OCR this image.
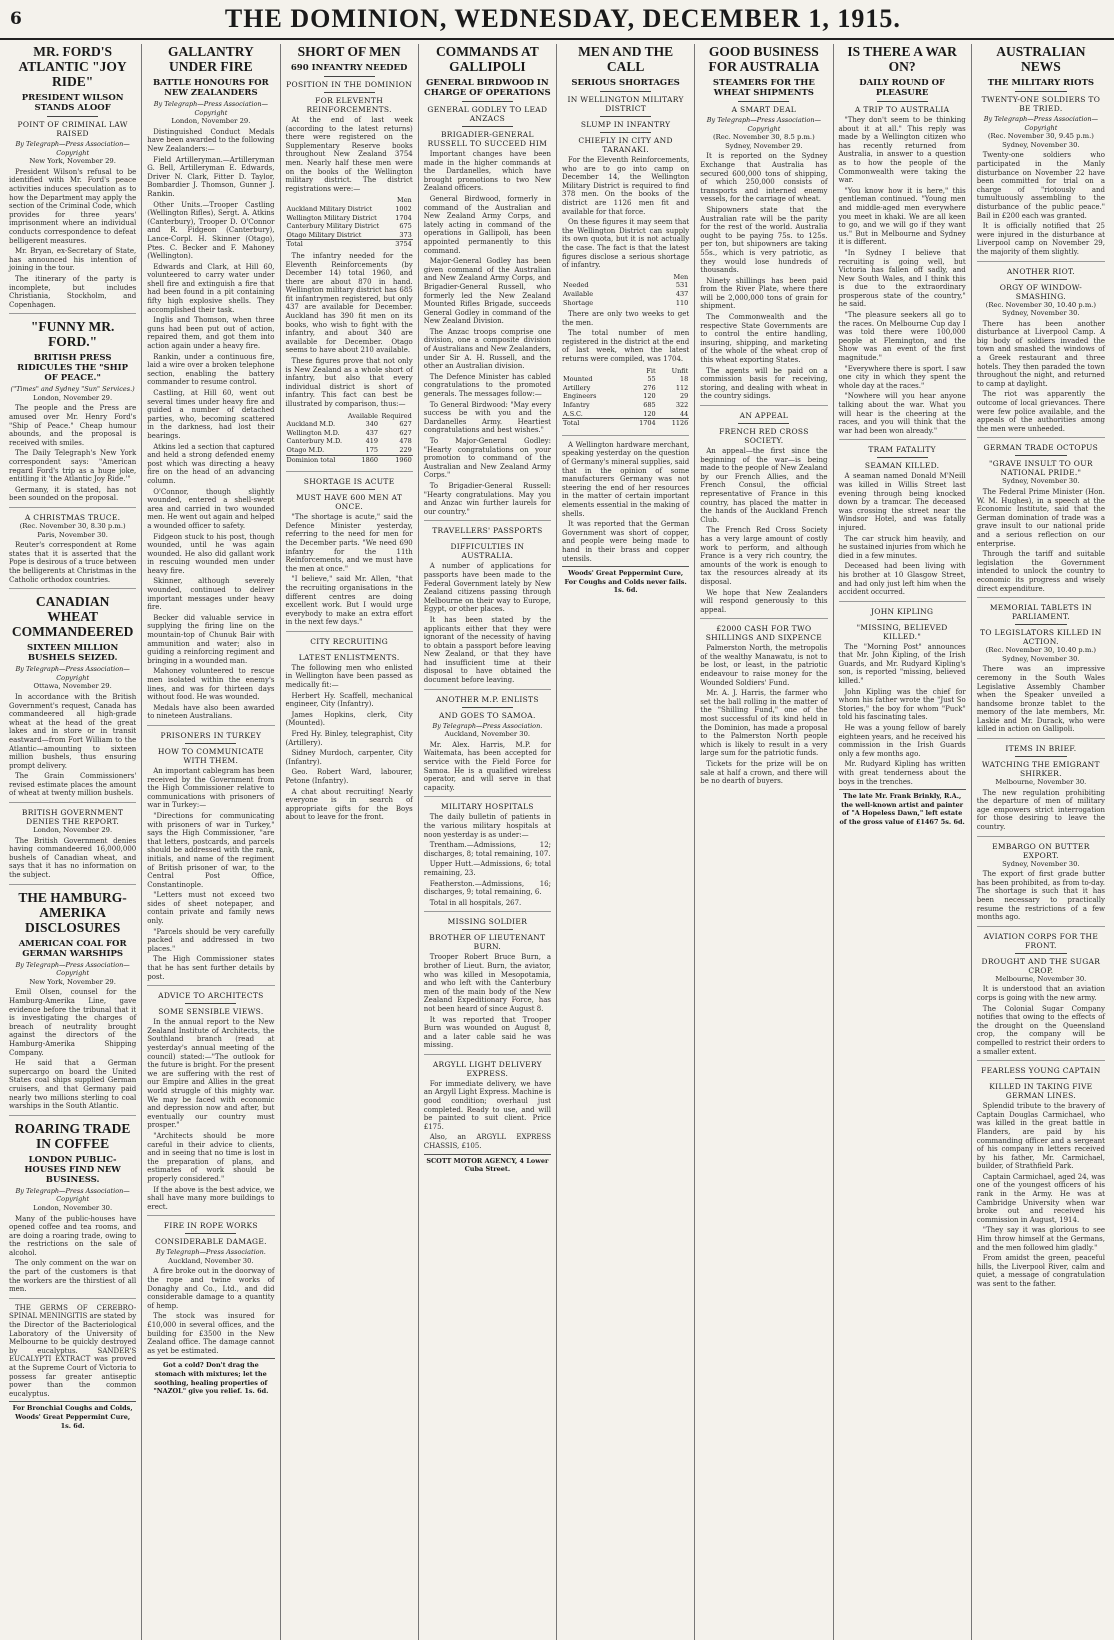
6	THE DOMINION, WEDNESDAY, DECEMBER 1, 1915.
MR. FORD'S ATLANTIC "JOY RIDE"
PRESIDENT WILSON STANDS ALOOF
POINT OF CRIMINAL LAW RAISED
By Telegraph—Press Association—Copyright
New York, November 29.

President Wilson's refusal to be identified with Mr. Ford's peace activities induces speculation as to how the Department may apply the section of the Criminal Code, which provides for three years' imprisonment where an individual conducts correspondence to defeat belligerent measures.

Mr. Bryan, ex-Secretary of State, has announced his intention of joining in the tour.

The itinerary of the party is incomplete, but includes Christiania, Stockholm, and Copenhagen.

"FUNNY MR. FORD."
BRITISH PRESS RIDICULES THE "SHIP OF PEACE."
("Times" and Sydney "Sun" Services.)
London, November 29.

The people and the Press are amused over Mr. Henry Ford's "Ship of Peace." Cheap humour abounds, and the proposal is received with smiles.

The Daily Telegraph's New York correspondent says: "American regard Ford's trip as a huge joke, entitling it 'the Atlantic Joy Ride.'"

Germany, it is stated, has not been sounded on the proposal.

A CHRISTMAS TRUCE.
(Rec. November 30, 8.30 p.m.) Paris, November 30.

Reuter's correspondent at Rome states that it is asserted that the Pope is desirous of a truce between the belligerents at Christmas in the Catholic orthodox countries.

CANADIAN WHEAT COMMANDEERED
SIXTEEN MILLION BUSHELS SEIZED.
By Telegraph—Press Association—Copyright
Ottawa, November 29.

In accordance with the British Government's request, Canada has commandeered all high-grade wheat at the head of the great lakes and in store or in transit eastward—from Fort William to the Atlantic—amounting to sixteen million bushels, thus ensuring prompt delivery.

The Grain Commissioners' revised estimate places the amount of wheat at twenty million bushels.

BRITISH GOVERNMENT DENIES THE REPORT.
London, November 29.

The British Government denies having commandeered 16,000,000 bushels of Canadian wheat, and says that it has no information on the subject.

THE HAMBURG-AMERIKA DISCLOSURES
AMERICAN COAL FOR GERMAN WARSHIPS
By Telegraph—Press Association—Copyright
New York, November 29.

Emil Olsen, counsel for the Hamburg-Amerika Line, gave evidence before the tribunal that it is investigating the charges of breach of neutrality brought against the directors of the Hamburg-Amerika Shipping Company.

He said that a German supercargo on board the United States coal ships supplied German cruisers, and that Germany paid nearly two millions sterling to coal warships in the South Atlantic.

ROARING TRADE IN COFFEE
LONDON PUBLIC-HOUSES FIND NEW BUSINESS.
By Telegraph—Press Association—Copyright
London, November 30.

Many of the public-houses have opened coffee and tea rooms, and are doing a roaring trade, owing to the restrictions on the sale of alcohol.

The only comment on the war on the part of the customers is that the workers are the thirstiest of all men.

THE GERMS OF CEREBRO-SPINAL MENINGITIS are stated by the Director of the Bacteriological Laboratory of the University of Melbourne to be quickly destroyed by eucalyptus. SANDER'S EUCALYPTI EXTRACT was proved at the Supreme Court of Victoria to possess far greater antiseptic power than the common eucalyptus.

For Bronchial Coughs and Colds, Woods' Great Peppermint Cure, 1s. 6d.
GALLANTRY UNDER FIRE
BATTLE HONOURS FOR NEW ZEALANDERS
By Telegraph—Press Association—Copyright
London, November 29.

Distinguished Conduct Medals have been awarded to the following New Zealanders:—

Field Artilleryman.—Artilleryman G. Bell, Artilleryman E. Edwards, Driver N. Clark, Fitter D. Taylor, Bombardier J. Thomson, Gunner J. Rankin.

Other Units.—Trooper Castling (Wellington Rifles), Sergt. A. Atkins (Canterbury), Trooper D. O'Connor and R. Fidgeon (Canterbury), Lance-Corpl. H. Skinner (Otago), Ptes. C. Becker and F. Mahoney (Wellington).

Edwards and Clark, at Hill 60, volunteered to carry water under shell fire and extinguish a fire that had been found in a pit containing fifty high explosive shells. They accomplished their task.

Inglis and Thomson, when three guns had been put out of action, repaired them, and got them into action again under a heavy fire.

Rankin, under a continuous fire, laid a wire over a broken telephone section, enabling the battery commander to resume control.

Castling, at Hill 60, went out several times under heavy fire and guided a number of detached parties, who, becoming scattered in the darkness, had lost their bearings.

Atkins led a section that captured and held a strong defended enemy post which was directing a heavy fire on the head of an advancing column.

O'Connor, though slightly wounded, entered a shell-swept area and carried in two wounded men. He went out again and helped a wounded officer to safety.

Fidgeon stuck to his post, though wounded, until he was again wounded. He also did gallant work in rescuing wounded men under heavy fire.

Skinner, although severely wounded, continued to deliver important messages under heavy fire.

Becker did valuable service in supplying the firing line on the mountain-top of Chunuk Bair with ammunition and water; also in guiding a reinforcing regiment and bringing in a wounded man.

Mahoney volunteered to rescue men isolated within the enemy's lines, and was for thirteen days without food. He was wounded.

Medals have also been awarded to nineteen Australians.

PRISONERS IN TURKEY
HOW TO COMMUNICATE WITH THEM.

An important cablegram has been received by the Government from the High Commissioner relative to communications with prisoners of war in Turkey:—

"Directions for communicating with prisoners of war in Turkey," says the High Commissioner, "are that letters, postcards, and parcels should be addressed with the rank, initials, and name of the regiment of British prisoner of war, to the Central Post Office, Constantinople.

"Letters must not exceed two sides of sheet notepaper, and contain private and family news only.

"Parcels should be very carefully packed and addressed in two places."

The High Commissioner states that he has sent further details by post.

ADVICE TO ARCHITECTS
SOME SENSIBLE VIEWS.

In the annual report to the New Zealand Institute of Architects, the Southland branch (read at yesterday's annual meeting of the council) stated:—"The outlook for the future is bright. For the present we are suffering with the rest of our Empire and Allies in the great world struggle of this mighty war. We may be faced with economic and depression now and after, but eventually our country must prosper."

"Architects should be more careful in their advice to clients, and in seeing that no time is lost in the preparation of plans, and estimates of work should be properly considered."

If the above is the best advice, we shall have many more buildings to erect.

FIRE IN ROPE WORKS
CONSIDERABLE DAMAGE.
By Telegraph—Press Association.
Auckland, November 30.

A fire broke out in the doorway of the rope and twine works of Donaghy and Co., Ltd., and did considerable damage to a quantity of hemp.

The stock was insured for £10,000 in several offices, and the building for £3500 in the New Zealand office. The damage cannot as yet be estimated.

Got a cold? Don't drag the stomach with mixtures; let the soothing, healing properties of "NAZOL" give you relief. 1s. 6d.
SHORT OF MEN
690 INFANTRY NEEDED
POSITION IN THE DOMINION
FOR ELEVENTH REINFORCEMENTS.

At the end of last week (according to the latest returns) there were registered on the Supplementary Reserve books throughout New Zealand 3754 men. Nearly half these men were on the books of the Wellington military district. The district registrations were:—

	Men
Auckland Military District	1002
Wellington Military District	1704
Canterbury Military District	675
Otago Military District	373
Total	3754

The infantry needed for the Eleventh Reinforcements (by December 14) total 1960, and there are about 870 in hand. Wellington military district has 685 fit infantrymen registered, but only 437 are available for December. Auckland has 390 fit men on its books, who wish to fight with the infantry, and about 340 are available for December. Otago seems to have about 210 available.

These figures prove that not only is New Zealand as a whole short of infantry, but also that every individual district is short of infantry. This fact can best be illustrated by comparison, thus:—

	Available	Required
Auckland M.D.	340	627
Wellington M.D.	437	627
Canterbury M.D.	419	478
Otago M.D.	175	229
Dominion total	1860	1960
SHORTAGE IS ACUTE
MUST HAVE 600 MEN AT ONCE.

"The shortage is acute," said the Defence Minister yesterday, referring to the need for men for the December parts. "We need 690 infantry for the 11th Reinforcements, and we must have the men at once."

"I believe," said Mr. Allen, "that the recruiting organisations in the different centres are doing excellent work. But I would urge everybody to make an extra effort in the next few days."

CITY RECRUITING
LATEST ENLISTMENTS.

The following men who enlisted in Wellington have been passed as medically fit:—

Herbert Hy. Scaffell, mechanical engineer, City (Infantry).

James Hopkins, clerk, City (Mounted).

Fred Hy. Binley, telegraphist, City (Artillery).

Sidney Murdoch, carpenter, City (Infantry).

Geo. Robert Ward, labourer, Petone (Infantry).

A chat about recruiting! Nearly everyone is in search of appropriate gifts for the Boys about to leave for the front.

COMMANDS AT GALLIPOLI
GENERAL BIRDWOOD IN CHARGE OF OPERATIONS
GENERAL GODLEY TO LEAD ANZACS
BRIGADIER-GENERAL RUSSELL TO SUCCEED HIM

Important changes have been made in the higher commands at the Dardanelles, which have brought promotions to two New Zealand officers.

General Birdwood, formerly in command of the Australian and New Zealand Army Corps, and lately acting in command of the operations in Gallipoli, has been appointed permanently to this command.

Major-General Godley has been given command of the Australian and New Zealand Army Corps, and Brigadier-General Russell, who formerly led the New Zealand Mounted Rifles Brigade, succeeds General Godley in command of the New Zealand Division.

The Anzac troops comprise one division, one a composite division of Australians and New Zealanders, under Sir A. H. Russell, and the other an Australian division.

The Defence Minister has cabled congratulations to the promoted generals. The messages follow:—

To General Birdwood: "May every success be with you and the Dardanelles Army. Heartiest congratulations and best wishes."

To Major-General Godley: "Hearty congratulations on your promotion to command of the Australian and New Zealand Army Corps."

To Brigadier-General Russell: "Hearty congratulations. May you and Anzac win further laurels for our country."

TRAVELLERS' PASSPORTS
DIFFICULTIES IN AUSTRALIA.

A number of applications for passports have been made to the Federal Government lately by New Zealand citizens passing through Melbourne on their way to Europe, Egypt, or other places.

It has been stated by the applicants either that they were ignorant of the necessity of having to obtain a passport before leaving New Zealand, or that they have had insufficient time at their disposal to have obtained the document before leaving.

ANOTHER M.P. ENLISTS
AND GOES TO SAMOA.
By Telegraph—Press Association.
Auckland, November 30.

Mr. Alex. Harris, M.P. for Waitemata, has been accepted for service with the Field Force for Samoa. He is a qualified wireless operator, and will serve in that capacity.

MILITARY HOSPITALS

The daily bulletin of patients in the various military hospitals at noon yesterday is as under:—

Trentham.—Admissions, 12; discharges, 8; total remaining, 107.

Upper Hutt.—Admissions, 6; total remaining, 23.

Featherston.—Admissions, 16; discharges, 9; total remaining, 6.

Total in all hospitals, 267.

MISSING SOLDIER
BROTHER OF LIEUTENANT BURN.

Trooper Robert Bruce Burn, a brother of Lieut. Burn, the aviator, who was killed in Mesopotamia, and who left with the Canterbury men of the main body of the New Zealand Expeditionary Force, has not been heard of since August 8.

It was reported that Trooper Burn was wounded on August 8, and a later cable said he was missing.

ARGYLL LIGHT DELIVERY EXPRESS.

For immediate delivery, we have an Argyll Light Express. Machine is good condition; overhaul just completed. Ready to use, and will be painted to suit client. Price £175.

Also, an ARGYLL EXPRESS CHASSIS, £105.

SCOTT MOTOR AGENCY, 4 Lower Cuba Street.
MEN AND THE CALL
SERIOUS SHORTAGES
IN WELLINGTON MILITARY DISTRICT
SLUMP IN INFANTRY
CHIEFLY IN CITY AND TARANAKI.

For the Eleventh Reinforcements, who are to go into camp on December 14, the Wellington Military District is required to find 378 men. On the books of the district are 1126 men fit and available for that force.

On these figures it may seem that the Wellington District can supply its own quota, but it is not actually the case. The fact is that the latest figures disclose a serious shortage of infantry.

	Men
Needed	531
Available	437
Shortage	110

There are only two weeks to get the men.

The total number of men registered in the district at the end of last week, when the latest returns were compiled, was 1704.

	Fit	Unfit
Mounted	55	18
Artillery	276	112
Engineers	120	29
Infantry	685	322
A.S.C.	120	44
Total	1704	1126

A Wellington hardware merchant, speaking yesterday on the question of Germany's mineral supplies, said that in the opinion of some manufacturers Germany was not steering the end of her resources in the matter of certain important elements essential in the making of shells.

It was reported that the German Government was short of copper, and people were being made to hand in their brass and copper utensils.

Woods' Great Peppermint Cure, For Coughs and Colds never fails. 1s. 6d.
GOOD BUSINESS FOR AUSTRALIA
STEAMERS FOR THE WHEAT SHIPMENTS
A SMART DEAL
By Telegraph—Press Association—Copyright
(Rec. November 30, 8.5 p.m.) Sydney, November 29.

It is reported on the Sydney Exchange that Australia has secured 600,000 tons of shipping, of which 250,000 consists of transports and interned enemy vessels, for the carriage of wheat.

Shipowners state that the Australian rate will be the parity for the rest of the world. Australia ought to be paying 75s. to 125s. per ton, but shipowners are taking 55s., which is very patriotic, as they would lose hundreds of thousands.

Ninety shillings has been paid from the River Plate, where there will be 2,000,000 tons of grain for shipment.

The Commonwealth and the respective State Governments are to control the entire handling, insuring, shipping, and marketing of the whole of the wheat crop of this wheat exporting States.

The agents will be paid on a commission basis for receiving, storing, and dealing with wheat in the country sidings.

AN APPEAL
FRENCH RED CROSS SOCIETY.

An appeal—the first since the beginning of the war—is being made to the people of New Zealand by our French Allies, and the French Consul, the official representative of France in this country, has placed the matter in the hands of the Auckland French Club.

The French Red Cross Society has a very large amount of costly work to perform, and although France is a very rich country, the amounts of the work is enough to tax the resources already at its disposal.

We hope that New Zealanders will respond generously to this appeal.

£2000 CASH FOR TWO SHILLINGS AND SIXPENCE

Palmerston North, the metropolis of the wealthy Manawatu, is not to be lost, or least, in the patriotic endeavour to raise money for the Wounded Soldiers' Fund.

Mr. A. J. Harris, the farmer who set the ball rolling in the matter of the "Shilling Fund," one of the most successful of its kind held in the Dominion, has made a proposal to the Palmerston North people which is likely to result in a very large sum for the patriotic funds.

Tickets for the prize will be on sale at half a crown, and there will be no dearth of buyers.

IS THERE A WAR ON?
DAILY ROUND OF PLEASURE
A TRIP TO AUSTRALIA

"They don't seem to be thinking about it at all." This reply was made by a Wellington citizen who has recently returned from Australia, in answer to a question as to how the people of the Commonwealth were taking the war.

"You know how it is here," this gentleman continued. "Young men and middle-aged men everywhere you meet in khaki. We are all keen to go, and we will go if they want us." But in Melbourne and Sydney it is different.

"In Sydney I believe that recruiting is going well, but Victoria has fallen off sadly, and New South Wales, and I think this is due to the extraordinary prosperous state of the country," he said.

"The pleasure seekers all go to the races. On Melbourne Cup day I was told there were 100,000 people at Flemington, and the Show was an event of the first magnitude."

"Everywhere there is sport. I saw one city in which they spent the whole day at the races."

"Nowhere will you hear anyone talking about the war. What you will hear is the cheering at the races, and you will think that the war had been won already."

TRAM FATALITY
SEAMAN KILLED.

A seaman named Donald M'Neill was killed in Willis Street last evening through being knocked down by a tramcar. The deceased was crossing the street near the Windsor Hotel, and was fatally injured.

The car struck him heavily, and he sustained injuries from which he died in a few minutes.

Deceased had been living with his brother at 10 Glasgow Street, and had only just left him when the accident occurred.

JOHN KIPLING
"MISSING, BELIEVED KILLED."

The "Morning Post" announces that Mr. John Kipling, of the Irish Guards, and Mr. Rudyard Kipling's son, is reported "missing, believed killed."

John Kipling was the chief for whom his father wrote the "Just So Stories," the boy for whom "Puck" told his fascinating tales.

He was a young fellow of barely eighteen years, and he received his commission in the Irish Guards only a few months ago.

Mr. Rudyard Kipling has written with great tenderness about the boys in the trenches.

The late Mr. Frank Brinkly, R.A., the well-known artist and painter of "A Hopeless Dawn," left estate of the gross value of £1467 5s. 6d.
AUSTRALIAN NEWS
THE MILITARY RIOTS
TWENTY-ONE SOLDIERS TO BE TRIED.
By Telegraph—Press Association—Copyright
(Rec. November 30, 9.45 p.m.) Sydney, November 30.

Twenty-one soldiers who participated in the Manly disturbance on November 22 have been committed for trial on a charge of "riotously and tumultuously assembling to the disturbance of the public peace." Bail in £200 each was granted.

It is officially notified that 25 were injured in the disturbance at Liverpool camp on November 29, the majority of them slightly.

ANOTHER RIOT.
ORGY OF WINDOW-SMASHING.
(Rec. November 30, 10.40 p.m.) Sydney, November 30.

There has been another disturbance at Liverpool Camp. A big body of soldiers invaded the town and smashed the windows of a Greek restaurant and three hotels. They then paraded the town throughout the night, and returned to camp at daylight.

The riot was apparently the outcome of local grievances. There were few police available, and the appeals of the authorities among the men were unheeded.

GERMAN TRADE OCTOPUS
"GRAVE INSULT TO OUR NATIONAL PRIDE."
Sydney, November 30.

The Federal Prime Minister (Hon. W. M. Hughes), in a speech at the Economic Institute, said that the German domination of trade was a grave insult to our national pride and a serious reflection on our enterprise.

Through the tariff and suitable legislation the Government intended to unlock the country to economic its progress and wisely direct expenditure.

MEMORIAL TABLETS IN PARLIAMENT.
TO LEGISLATORS KILLED IN ACTION.
(Rec. November 30, 10.40 p.m.) Sydney, November 30.

There was an impressive ceremony in the South Wales Legislative Assembly Chamber when the Speaker unveiled a handsome bronze tablet to the memory of the late members, Mr. Laskie and Mr. Durack, who were killed in action on Gallipoli.

ITEMS IN BRIEF.
WATCHING THE EMIGRANT SHIRKER.
Melbourne, November 30.

The new regulation prohibiting the departure of men of military age empowers strict interrogation for those desiring to leave the country.

EMBARGO ON BUTTER EXPORT.
Sydney, November 30.

The export of first grade butter has been prohibited, as from to-day. The shortage is such that it has been necessary to practically resume the restrictions of a few months ago.

AVIATION CORPS FOR THE FRONT.
DROUGHT AND THE SUGAR CROP.
Melbourne, November 30.

It is understood that an aviation corps is going with the new army.

The Colonial Sugar Company notifies that owing to the effects of the drought on the Queensland crop, the company will be compelled to restrict their orders to a smaller extent.

FEARLESS YOUNG CAPTAIN
KILLED IN TAKING FIVE GERMAN LINES.

Splendid tribute to the bravery of Captain Douglas Carmichael, who was killed in the great battle in Flanders, are paid by his commanding officer and a sergeant of his company in letters received by his father, Mr. Carmichael, builder, of Strathfield Park.

Captain Carmichael, aged 24, was one of the youngest officers of his rank in the Army. He was at Cambridge University when war broke out and received his commission in August, 1914.

"They say it was glorious to see Him throw himself at the Germans, and the men followed him gladly."

From amidst the green, peaceful hills, the Liverpool River, calm and quiet, a message of congratulation was sent to the father.
